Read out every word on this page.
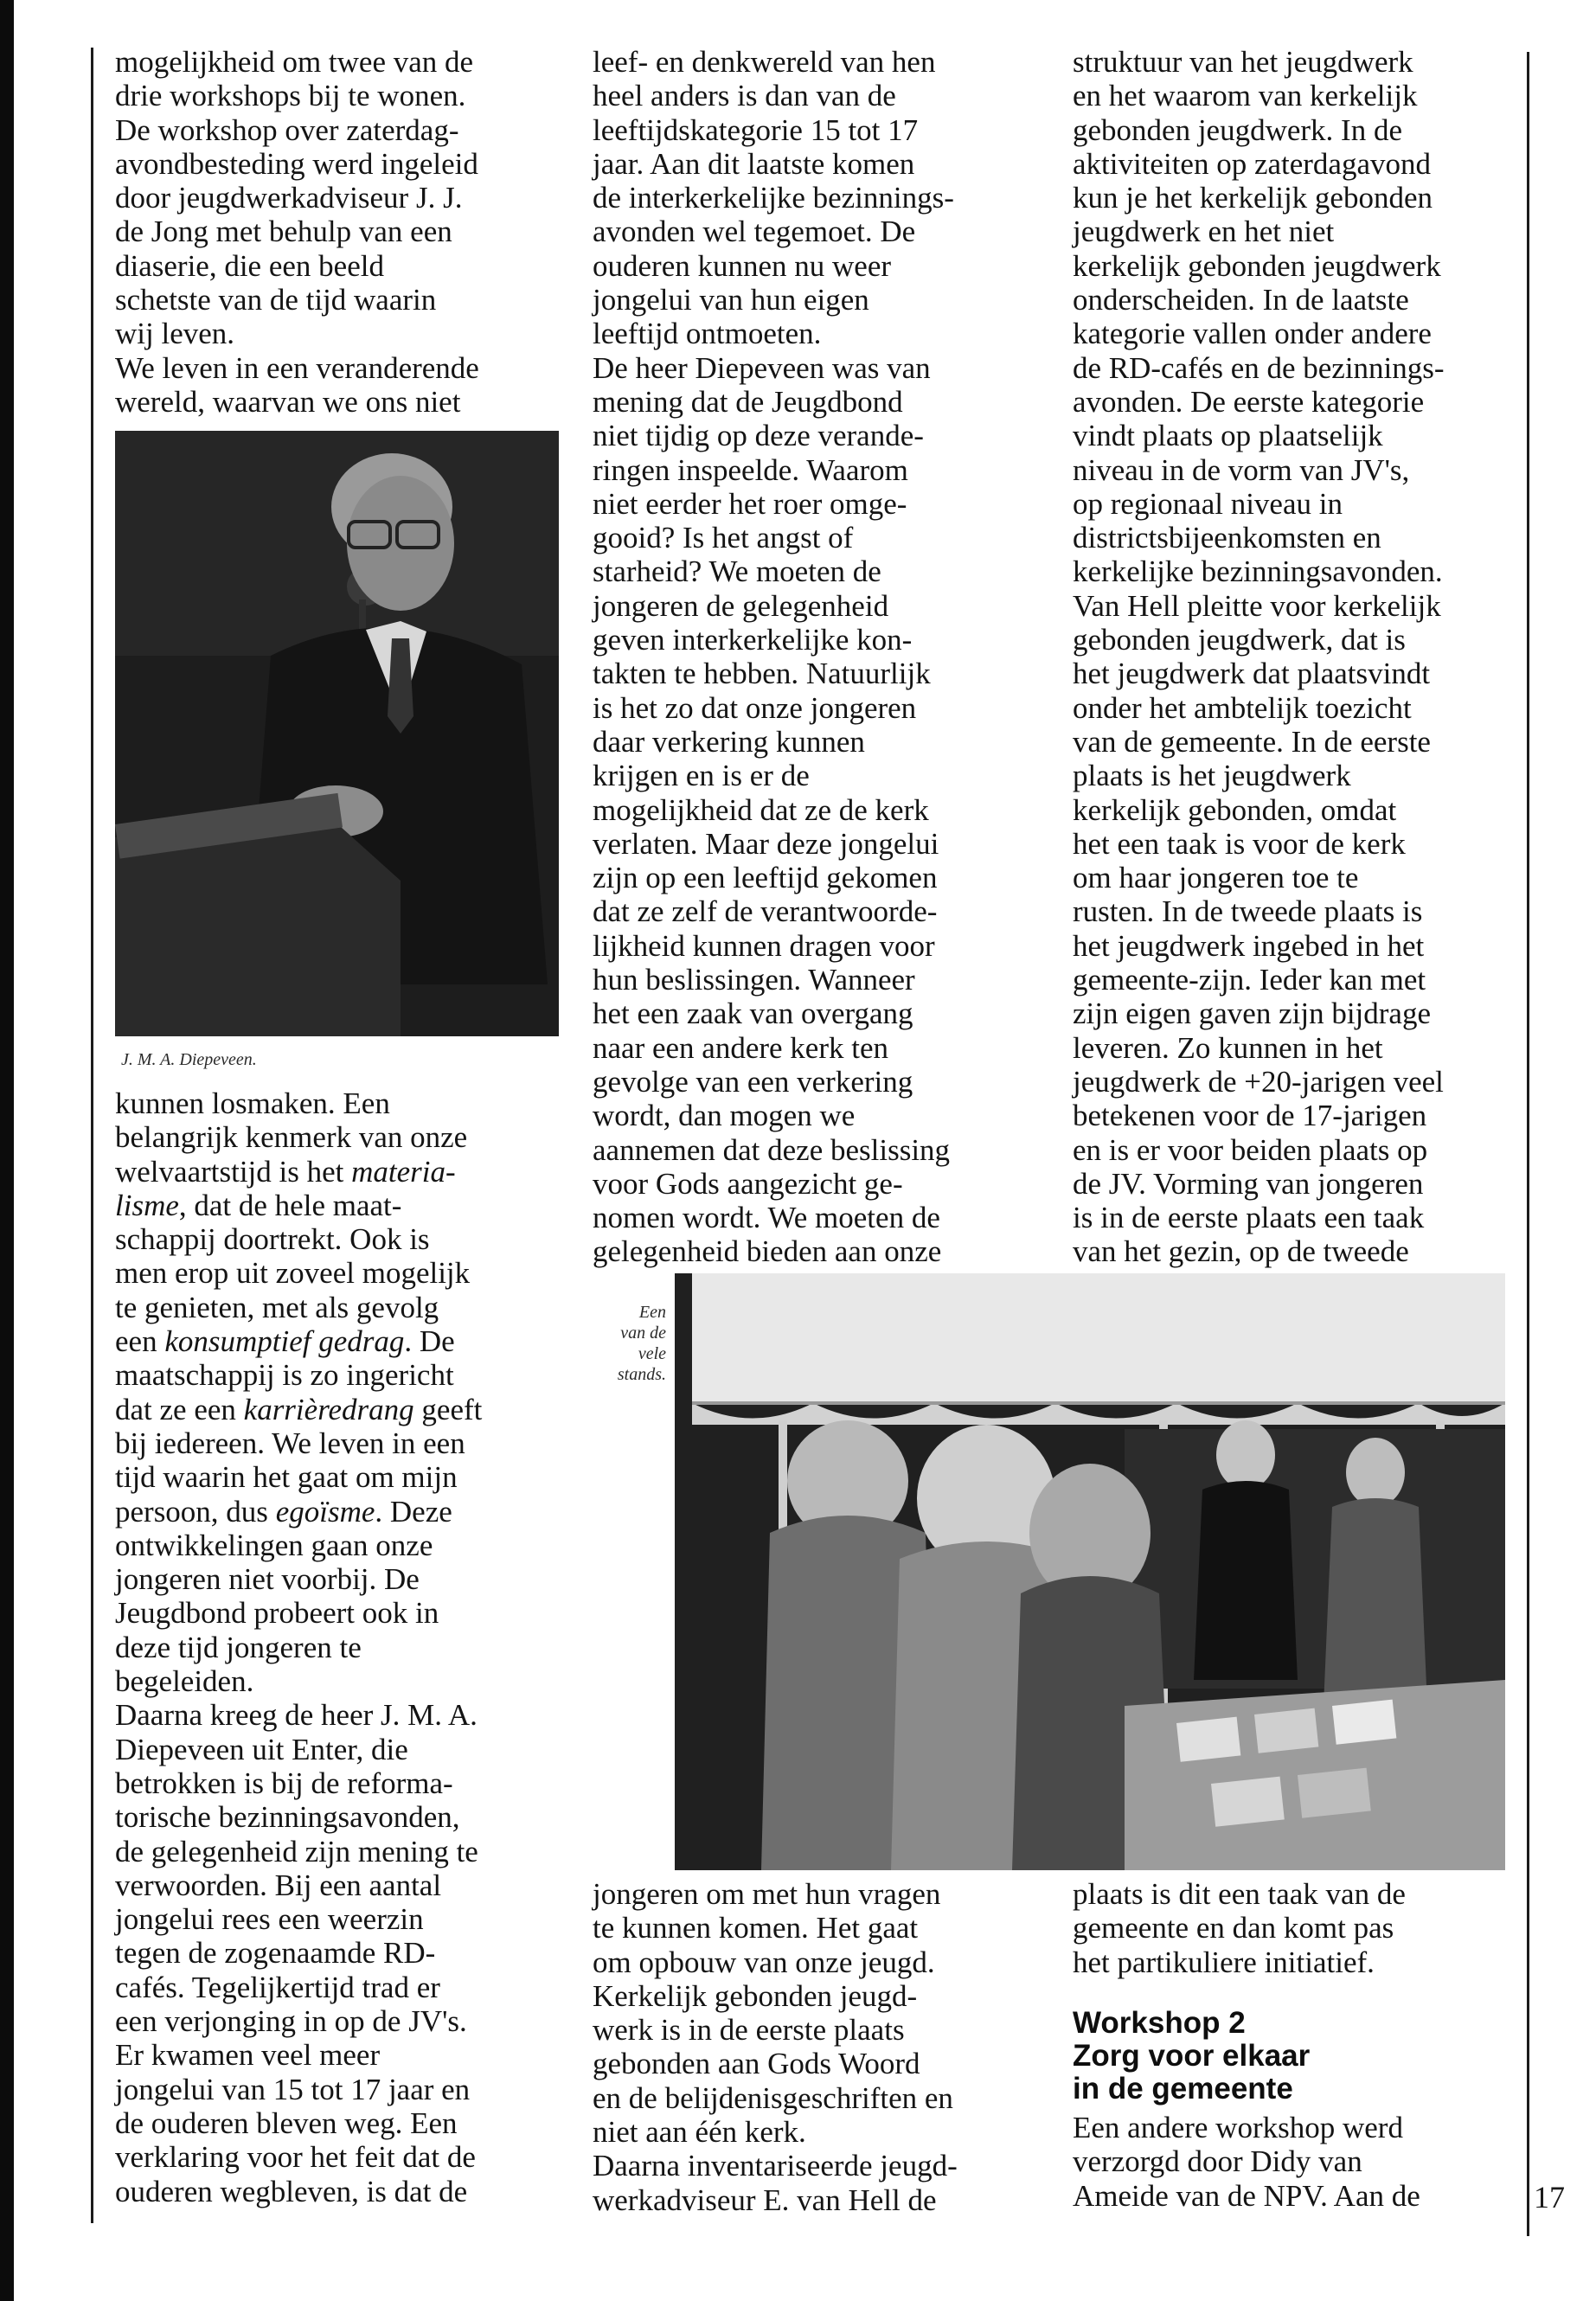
mogelijkheid om twee van de

drie workshops bij te wonen.

De workshop over zaterdag-

avondbesteding werd ingeleid

door jeugdwerkadviseur J. J.

de Jong met behulp van een

diaserie, die een beeld

schetste van de tijd waarin

wij leven.

We leven in een veranderende

wereld, waarvan we ons niet

J. M. A. Diepeveen.

kunnen losmaken. Een

belangrijk kenmerk van onze

welvaartstijd is het materia-

lisme, dat de hele maat-

schappij doortrekt. Ook is

men erop uit zoveel mogelijk

te genieten, met als gevolg

een konsumptief gedrag. De

maatschappij is zo ingericht

dat ze een karrièredrang geeft

bij iedereen. We leven in een

tijd waarin het gaat om mijn

persoon, dus egoïsme. Deze

ontwikkelingen gaan onze

jongeren niet voorbij. De

Jeugdbond probeert ook in

deze tijd jongeren te

begeleiden.

Daarna kreeg de heer J. M. A.

Diepeveen uit Enter, die

betrokken is bij de reforma-

torische bezinningsavonden,

de gelegenheid zijn mening te

verwoorden. Bij een aantal

jongelui rees een weerzin

tegen de zogenaamde RD-

cafés. Tegelijkertijd trad er

een verjonging in op de JV's.

Er kwamen veel meer

jongelui van 15 tot 17 jaar en

de ouderen bleven weg. Een

verklaring voor het feit dat de

ouderen wegbleven, is dat de

leef- en denkwereld van hen

heel anders is dan van de

leeftijdskategorie 15 tot 17

jaar. Aan dit laatste komen

de interkerkelijke bezinnings-

avonden wel tegemoet. De

ouderen kunnen nu weer

jongelui van hun eigen

leeftijd ontmoeten.

De heer Diepeveen was van

mening dat de Jeugdbond

niet tijdig op deze verande-

ringen inspeelde. Waarom

niet eerder het roer omge-

gooid? Is het angst of

starheid? We moeten de

jongeren de gelegenheid

geven interkerkelijke kon-

takten te hebben. Natuurlijk

is het zo dat onze jongeren

daar verkering kunnen

krijgen en is er de

mogelijkheid dat ze de kerk

verlaten. Maar deze jongelui

zijn op een leeftijd gekomen

dat ze zelf de verantwoorde-

lijkheid kunnen dragen voor

hun beslissingen. Wanneer

het een zaak van overgang

naar een andere kerk ten

gevolge van een verkering

wordt, dan mogen we

aannemen dat deze beslissing

voor Gods aangezicht ge-

nomen wordt. We moeten de

gelegenheid bieden aan onze

Een
van de
vele
stands.

jongeren om met hun vragen

te kunnen komen. Het gaat

om opbouw van onze jeugd.

Kerkelijk gebonden jeugd-

werk is in de eerste plaats

gebonden aan Gods Woord

en de belijdenisgeschriften en

niet aan één kerk.

Daarna inventariseerde jeugd-

werkadviseur E. van Hell de

struktuur van het jeugdwerk

en het waarom van kerkelijk

gebonden jeugdwerk. In de

aktiviteiten op zaterdagavond

kun je het kerkelijk gebonden

jeugdwerk en het niet

kerkelijk gebonden jeugdwerk

onderscheiden. In de laatste

kategorie vallen onder andere

de RD-cafés en de bezinnings-

avonden. De eerste kategorie

vindt plaats op plaatselijk

niveau in de vorm van JV's,

op regionaal niveau in

districtsbijeenkomsten en

kerkelijke bezinningsavonden.

Van Hell pleitte voor kerkelijk

gebonden jeugdwerk, dat is

het jeugdwerk dat plaatsvindt

onder het ambtelijk toezicht

van de gemeente. In de eerste

plaats is het jeugdwerk

kerkelijk gebonden, omdat

het een taak is voor de kerk

om haar jongeren toe te

rusten. In de tweede plaats is

het jeugdwerk ingebed in het

gemeente-zijn. Ieder kan met

zijn eigen gaven zijn bijdrage

leveren. Zo kunnen in het

jeugdwerk de +20-jarigen veel

betekenen voor de 17-jarigen

en is er voor beiden plaats op

de JV. Vorming van jongeren

is in de eerste plaats een taak

van het gezin, op de tweede

plaats is dit een taak van de

gemeente en dan komt pas

het partikuliere initiatief.

Workshop 2
Zorg voor elkaar
in de gemeente

Een andere workshop werd

verzorgd door Didy van

Ameide van de NPV. Aan de	17
